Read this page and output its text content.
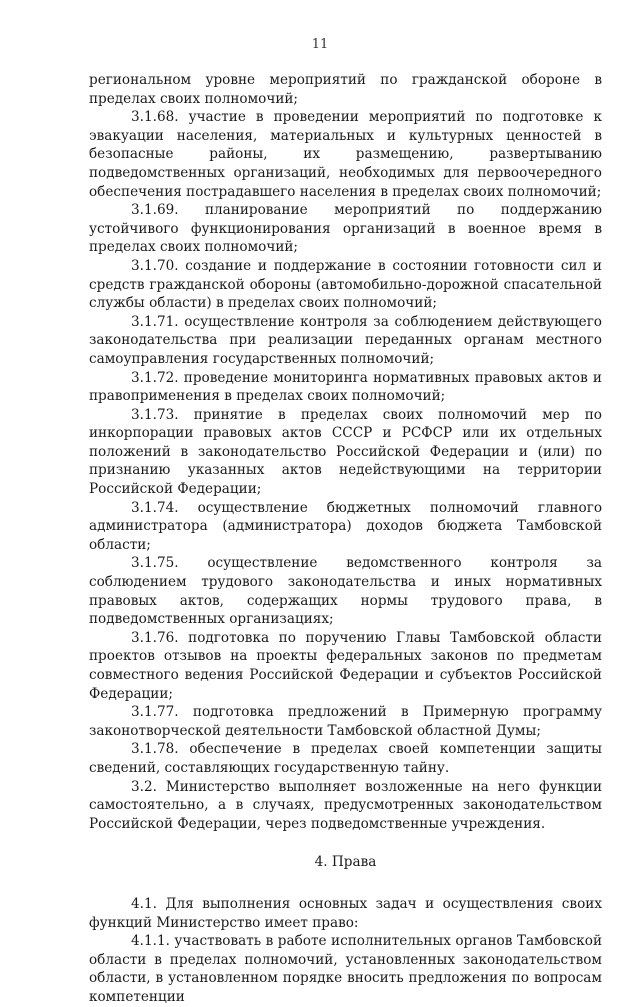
11

региональном уровне мероприятий по гражданской обороне в пределах своих полномочий;

3.1.68. участие в проведении мероприятий по подготовке к эвакуации населения, материальных и культурных ценностей в безопасные районы, их размещению, развертыванию подведомственных организаций, необходимых для первоочередного обеспечения пострадавшего населения в пределах своих полномочий;

3.1.69. планирование мероприятий по поддержанию устойчивого функционирования организаций в военное время в пределах своих полномочий;

3.1.70. создание и поддержание в состоянии готовности сил и средств гражданской обороны (автомобильно-дорожной спасательной службы области) в пределах своих полномочий;

3.1.71. осуществление контроля за соблюдением действующего законодательства при реализации переданных органам местного самоуправления государственных полномочий;

3.1.72. проведение мониторинга нормативных правовых актов и правоприменения в пределах своих полномочий;

3.1.73. принятие в пределах своих полномочий мер по инкорпорации правовых актов СССР и РСФСР или их отдельных положений в законодательство Российской Федерации и (или) по признанию указанных актов недействующими на территории Российской Федерации;

3.1.74. осуществление бюджетных полномочий главного администратора (администратора) доходов бюджета Тамбовской области;

3.1.75. осуществление ведомственного контроля за соблюдением трудового законодательства и иных нормативных правовых актов, содержащих нормы трудового права, в подведомственных организациях;

3.1.76. подготовка по поручению Главы Тамбовской области проектов отзывов на проекты федеральных законов по предметам совместного ведения Российской Федерации и субъектов Российской Федерации;

3.1.77. подготовка предложений в Примерную программу законотворческой деятельности Тамбовской областной Думы;

3.1.78. обеспечение в пределах своей компетенции защиты сведений, составляющих государственную тайну.

3.2. Министерство выполняет возложенные на него функции самостоятельно, а в случаях, предусмотренных законодательством Российской Федерации, через подведомственные учреждения.

4. Права

4.1. Для выполнения основных задач и осуществления своих функций Министерство имеет право:

4.1.1. участвовать в работе исполнительных органов Тамбовской области в пределах полномочий, установленных законодательством области, в установленном порядке вносить предложения по вопросам компетенции
